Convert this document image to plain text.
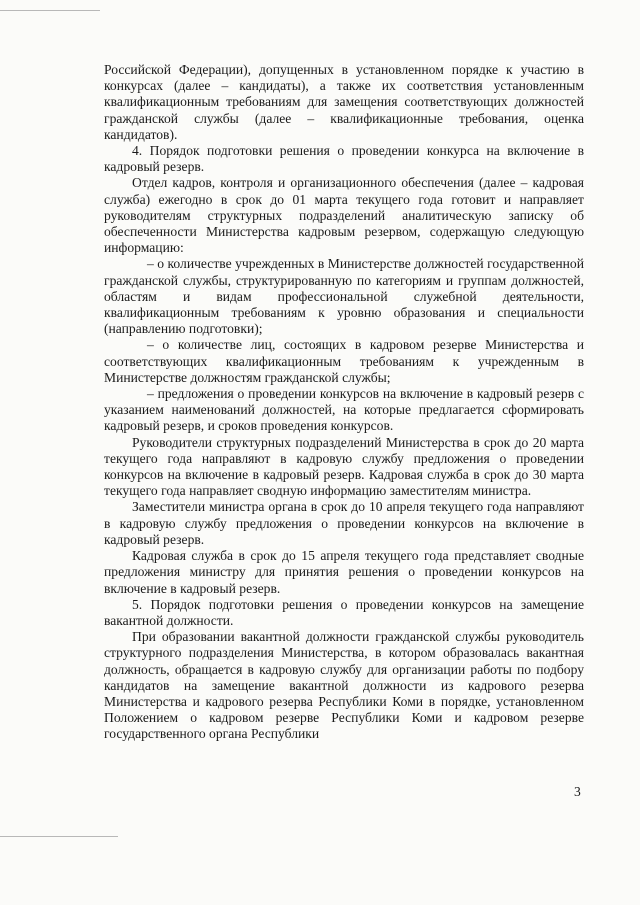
Российской Федерации), допущенных в установленном порядке к участию в конкурсах (далее – кандидаты), а также их соответствия установленным квалификационным требованиям для замещения соответствующих должностей гражданской службы (далее – квалификационные требования, оценка кандидатов).

4. Порядок подготовки решения о проведении конкурса на включение в кадровый резерв.

Отдел кадров, контроля и организационного обеспечения (далее – кадровая служба) ежегодно в срок до 01 марта текущего года готовит и направляет руководителям структурных подразделений аналитическую записку об обеспеченности Министерства кадровым резервом, содержащую следующую информацию:

– о количестве учрежденных в Министерстве должностей государственной гражданской службы, структурированную по категориям и группам должностей, областям и видам профессиональной служебной деятельности, квалификационным требованиям к уровню образования и специальности (направлению подготовки);

– о количестве лиц, состоящих в кадровом резерве Министерства и соответствующих квалификационным требованиям к учрежденным в Министерстве должностям гражданской службы;

– предложения о проведении конкурсов на включение в кадровый резерв с указанием наименований должностей, на которые предлагается сформировать кадровый резерв, и сроков проведения конкурсов.

Руководители структурных подразделений Министерства в срок до 20 марта текущего года направляют в кадровую службу предложения о проведении конкурсов на включение в кадровый резерв. Кадровая служба в срок до 30 марта текущего года направляет сводную информацию заместителям министра.

Заместители министра органа в срок до 10 апреля текущего года направляют в кадровую службу предложения о проведении конкурсов на включение в кадровый резерв.

Кадровая служба в срок до 15 апреля текущего года представляет сводные предложения министру для принятия решения о проведении конкурсов на включение в кадровый резерв.

5. Порядок подготовки решения о проведении конкурсов на замещение вакантной должности.

При образовании вакантной должности гражданской службы руководитель структурного подразделения Министерства, в котором образовалась вакантная должность, обращается в кадровую службу для организации работы по подбору кандидатов на замещение вакантной должности из кадрового резерва Министерства и кадрового резерва Республики Коми в порядке, установленном Положением о кадровом резерве Республики Коми и кадровом резерве государственного органа Республики

3
